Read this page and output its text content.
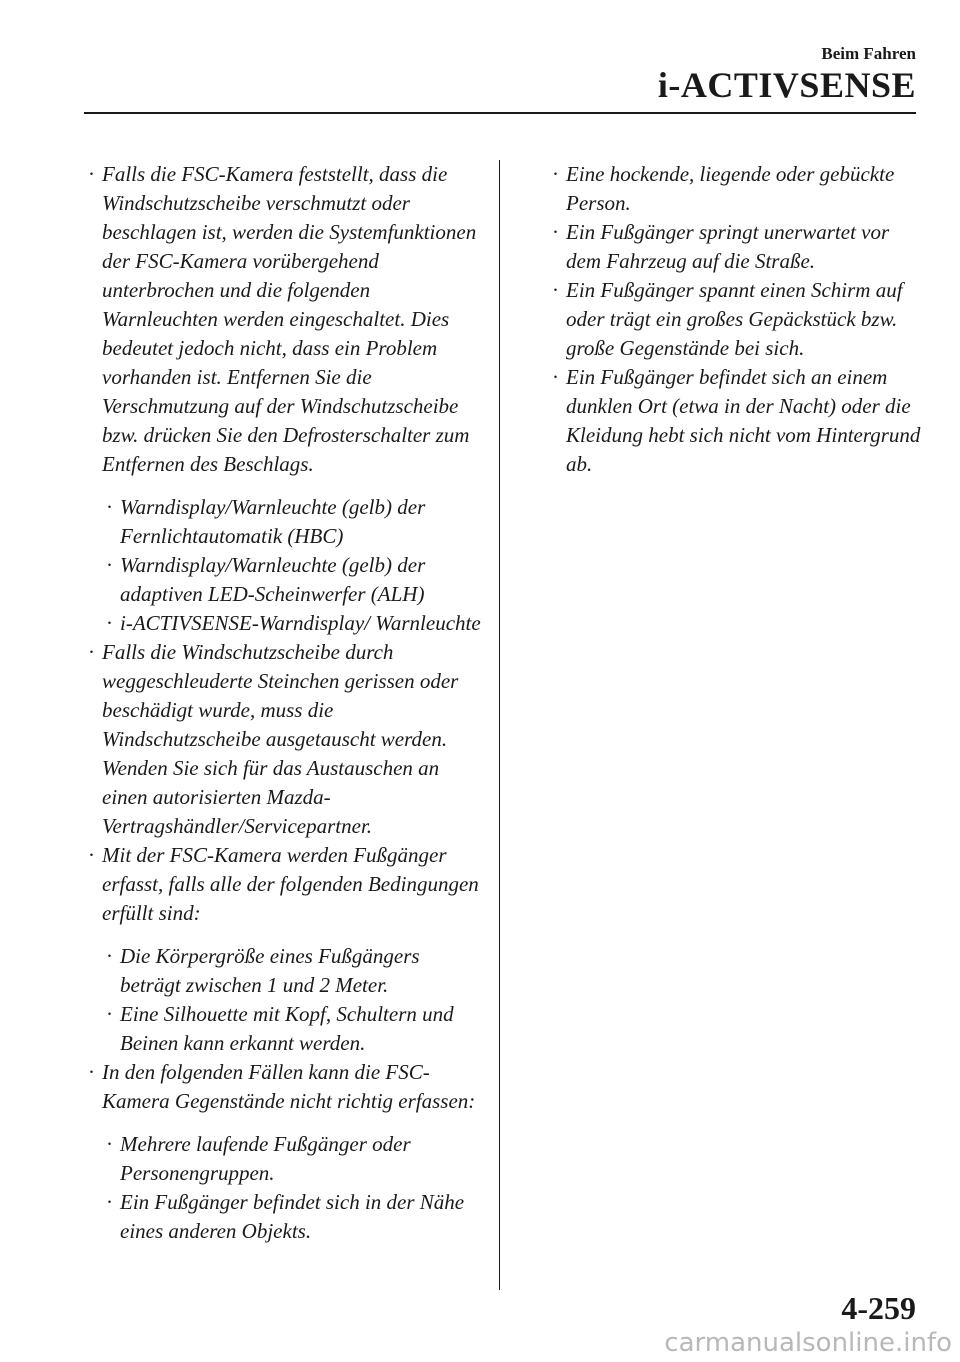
Beim Fahren
i-ACTIVSENSE

· Falls die FSC-Kamera feststellt, dass die Windschutzscheibe verschmutzt oder beschlagen ist, werden die Systemfunktionen der FSC-Kamera vorübergehend unterbrochen und die folgenden Warnleuchten werden eingeschaltet. Dies bedeutet jedoch nicht, dass ein Problem vorhanden ist. Entfernen Sie die Verschmutzung auf der Windschutzscheibe bzw. drücken Sie den Defrosterschalter zum Entfernen des Beschlags.

· Warndisplay/Warnleuchte (gelb) der Fernlichtautomatik (HBC)

· Warndisplay/Warnleuchte (gelb) der adaptiven LED-Scheinwerfer (ALH)

· i-ACTIVSENSE-Warndisplay/ Warnleuchte

· Falls die Windschutzscheibe durch weggeschleuderte Steinchen gerissen oder beschädigt wurde, muss die Windschutzscheibe ausgetauscht werden. Wenden Sie sich für das Austauschen an einen autorisierten Mazda-Vertragshändler/Servicepartner.

· Mit der FSC-Kamera werden Fußgänger erfasst, falls alle der folgenden Bedingungen erfüllt sind:

· Die Körpergröße eines Fußgängers beträgt zwischen 1 und 2 Meter.

· Eine Silhouette mit Kopf, Schultern und Beinen kann erkannt werden.

· In den folgenden Fällen kann die FSC-Kamera Gegenstände nicht richtig erfassen:

· Mehrere laufende Fußgänger oder Personengruppen.

· Ein Fußgänger befindet sich in der Nähe eines anderen Objekts.

· Eine hockende, liegende oder gebückte Person.

· Ein Fußgänger springt unerwartet vor dem Fahrzeug auf die Straße.

· Ein Fußgänger spannt einen Schirm auf oder trägt ein großes Gepäckstück bzw. große Gegenstände bei sich.

· Ein Fußgänger befindet sich an einem dunklen Ort (etwa in der Nacht) oder die Kleidung hebt sich nicht vom Hintergrund ab.

4-259
carmanualsonline.info
